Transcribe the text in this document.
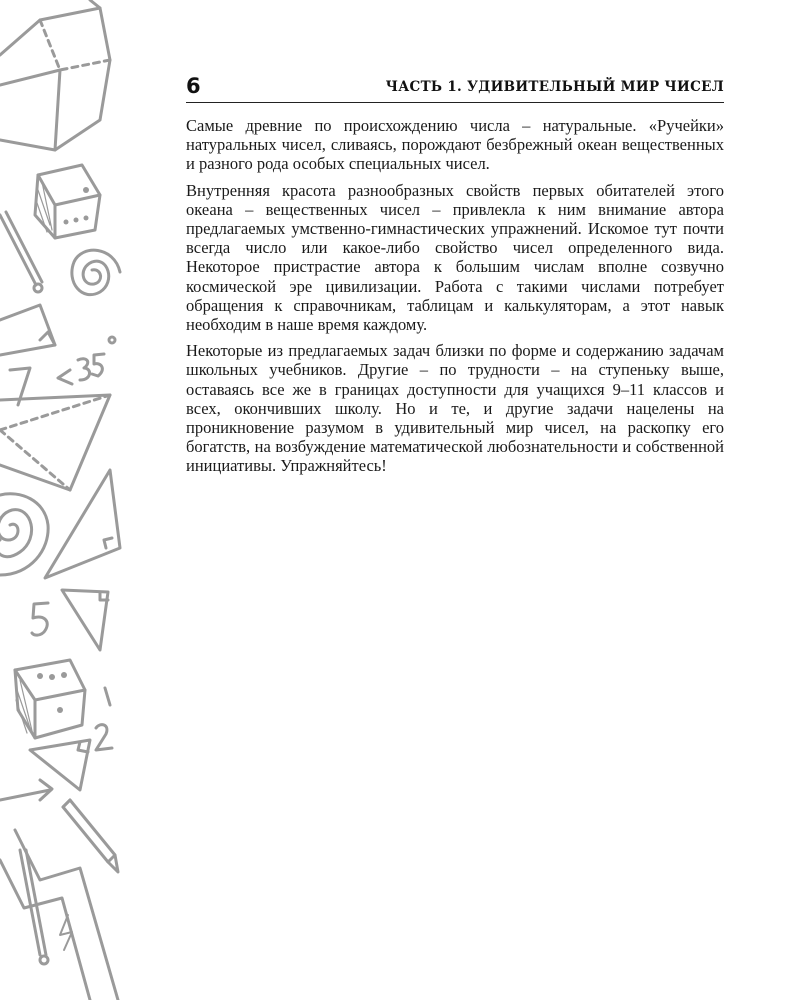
6	ЧАСТЬ 1. УДИВИТЕЛЬНЫЙ МИР ЧИСЕЛ

Самые древние по происхождению числа – натуральные. «Ручейки» натуральных чисел, сливаясь, порождают безбрежный океан вещественных и разного рода особых специальных чисел.

Внутренняя красота разнообразных свойств первых обитателей этого океана – вещественных чисел – привлекла к ним внимание автора предлагаемых умственно-гимнастических упражнений. Искомое тут почти всегда число или какое-либо свойство чисел определенного вида. Некоторое пристрастие автора к большим числам вполне созвучно космической эре цивилизации. Работа с такими числами потребует обращения к справочникам, таблицам и калькуляторам, а этот навык необходим в наше время каждому.

Некоторые из предлагаемых задач близки по форме и содержанию задачам школьных учебников. Другие – по трудности – на ступеньку выше, оставаясь все же в границах доступности для учащихся 9–11 классов и всех, окончивших школу. Но и те, и другие задачи нацелены на проникновение разумом в удивительный мир чисел, на раскопку его богатств, на возбуждение математической любознательности и собственной инициативы. Упражняйтесь!
